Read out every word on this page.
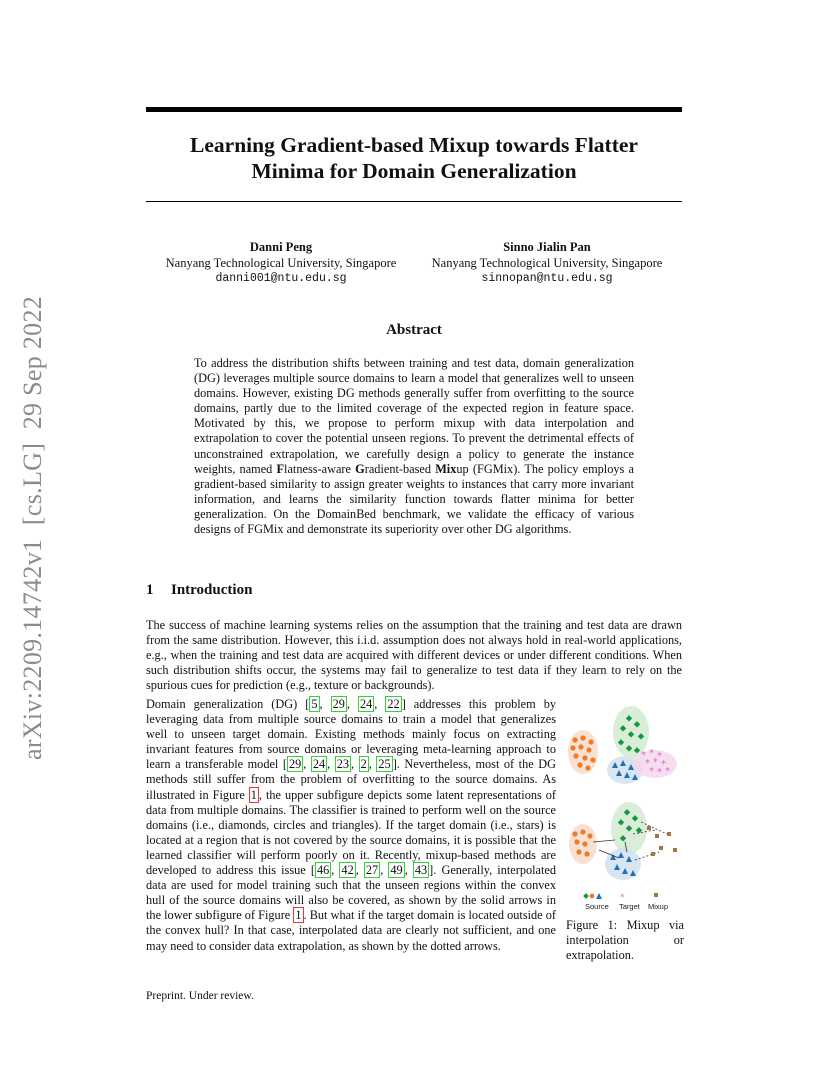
arXiv:2209.14742v1  [cs.LG]  29 Sep 2022
Learning Gradient-based Mixup towards Flatter
Minima for Domain Generalization
Danni Peng
Nanyang Technological University, Singapore
danni001@ntu.edu.sg
Sinno Jialin Pan
Nanyang Technological University, Singapore
sinnopan@ntu.edu.sg
Abstract
To address the distribution shifts between training and test data, domain generalization (DG) leverages multiple source domains to learn a model that generalizes well to unseen domains. However, existing DG methods generally suffer from overfitting to the source domains, partly due to the limited coverage of the expected region in feature space. Motivated by this, we propose to perform mixup with data interpolation and extrapolation to cover the potential unseen regions. To prevent the detrimental effects of unconstrained extrapolation, we carefully design a policy to generate the instance weights, named Flatness-aware Gradient-based Mixup (FGMix). The policy employs a gradient-based similarity to assign greater weights to instances that carry more invariant information, and learns the similarity function towards flatter minima for better generalization. On the DomainBed benchmark, we validate the efficacy of various designs of FGMix and demonstrate its superiority over other DG algorithms.
1 Introduction
The success of machine learning systems relies on the assumption that the training and test data are drawn from the same distribution. However, this i.i.d. assumption does not always hold in real-world applications, e.g., when the training and test data are acquired with different devices or under different conditions. When such distribution shifts occur, the systems may fail to generalize to test data if they learn to rely on the spurious cues for prediction (e.g., texture or backgrounds).
Domain generalization (DG) [ 5 , 29 , 24 , 22 ] addresses this problem by leveraging data from multiple source domains to train a model that generalizes well to unseen target domain. Existing methods mainly focus on extracting invariant features from source domains or leveraging meta-learning approach to learn a transferable model [ 29 , 24 , 23 , 2 , 25 ]. Nevertheless, most of the DG methods still suffer from the problem of overfitting to the source domains. As illustrated in Figure 1 , the upper subfigure depicts some latent representations of data from multiple domains. The classifier is trained to perform well on the source domains (i.e., diamonds, circles and triangles). If the target domain (i.e., stars) is located at a region that is not covered by the source domains, it is possible that the learned classifier will perform poorly on it. Recently, mixup-based methods are developed to address this issue [ 46 , 42 , 27 , 49 , 43 ]. Generally, interpolated data are used for model training such that the unseen regions within the convex hull of the source domains will also be covered, as shown by the solid arrows in the lower subfigure of Figure 1 . But what if the target domain is located outside of the convex hull? In that case, interpolated data are clearly not sufficient, and one may need to consider data extrapolation, as shown by the dotted arrows.
* * *
* * *
* * *
*
Source Target Mixup
Figure 1: Mixup via interpolation or extrapolation.
Preprint. Under review.
